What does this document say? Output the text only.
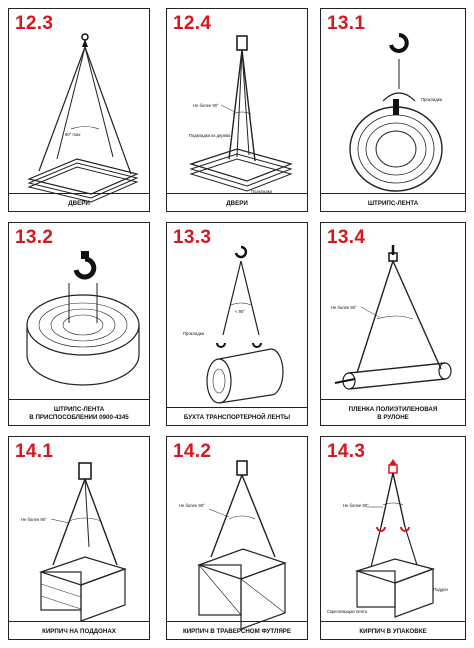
90° max
12.3
ДВЕРИ
Не более 90°
Подкладки из дерева
Подкладки
12.4
ДВЕРИ
Прокладки
13.1
ШТРИПС-ЛЕНТА
13.2
ШТРИПС-ЛЕНТА
В ПРИСПОСОБЛЕНИИ 0900-4345
< 90°
Прокладки
13.3
БУХТА ТРАНСПОРТЕРНОЙ ЛЕНТЫ
Не более 90°
13.4
ПЛЕНКА ПОЛИЭТИЛЕНОВАЯ
В РУЛОНЕ
Не более 90°
14.1
КИРПИЧ НА ПОДДОНАХ
Не более 90°
14.2
КИРПИЧ В ТРАВЕРСНОМ ФУТЛЯРЕ
Не более 90°
Поддон
Скрепляющая лента
14.3
КИРПИЧ В УПАКОВКЕ
